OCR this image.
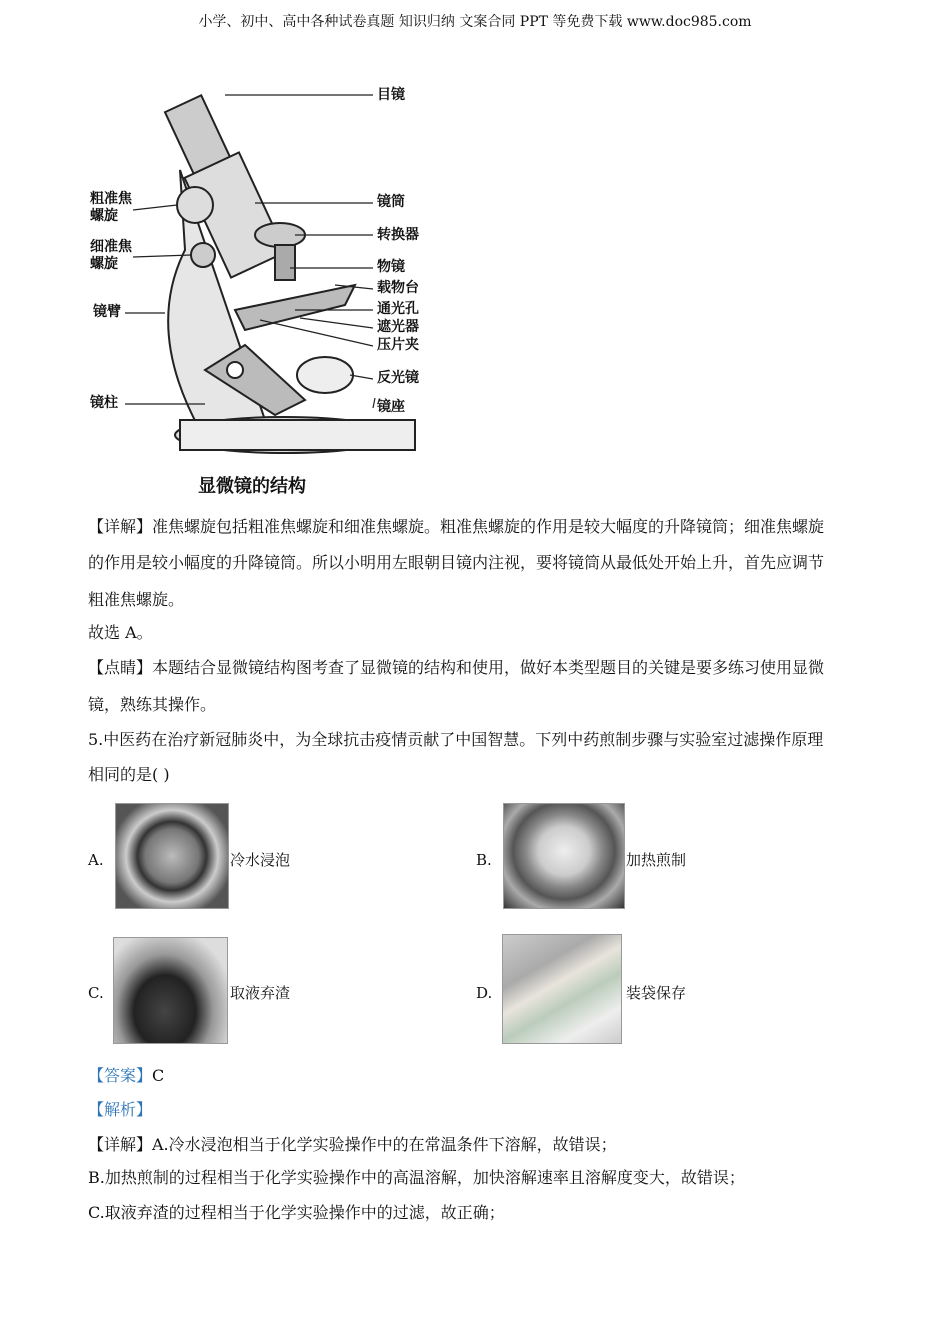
小学、初中、高中各种试卷真题 知识归纳 文案合同 PPT 等免费下载 www.doc985.com
目镜
镜筒
转换器
物镜
载物台
通光孔
遮光器
压片夹
反光镜
镜座
粗准焦
螺旋
细准焦
螺旋
镜臂
镜柱
显微镜的结构
【详解】准焦螺旋包括粗准焦螺旋和细准焦螺旋。粗准焦螺旋的作用是较大幅度的升降镜筒；细准焦螺旋
的作用是较小幅度的升降镜筒。所以小明用左眼朝目镜内注视，要将镜筒从最低处开始上升，首先应调节
粗准焦螺旋。
故选 A。
【点睛】本题结合显微镜结构图考查了显微镜的结构和使用，做好本类型题目的关键是要多练习使用显微
镜，熟练其操作。
5.中医药在治疗新冠肺炎中，为全球抗击疫情贡献了中国智慧。下列中药煎制步骤与实验室过滤操作原理
相同的是( )
A.	冷水浸泡	B.	加热煎制
C.	取液弃渣	D.	装袋保存
【答案】C
【解析】
【详解】A.冷水浸泡相当于化学实验操作中的在常温条件下溶解，故错误；
B.加热煎制的过程相当于化学实验操作中的高温溶解，加快溶解速率且溶解度变大，故错误；
C.取液弃渣的过程相当于化学实验操作中的过滤，故正确；
